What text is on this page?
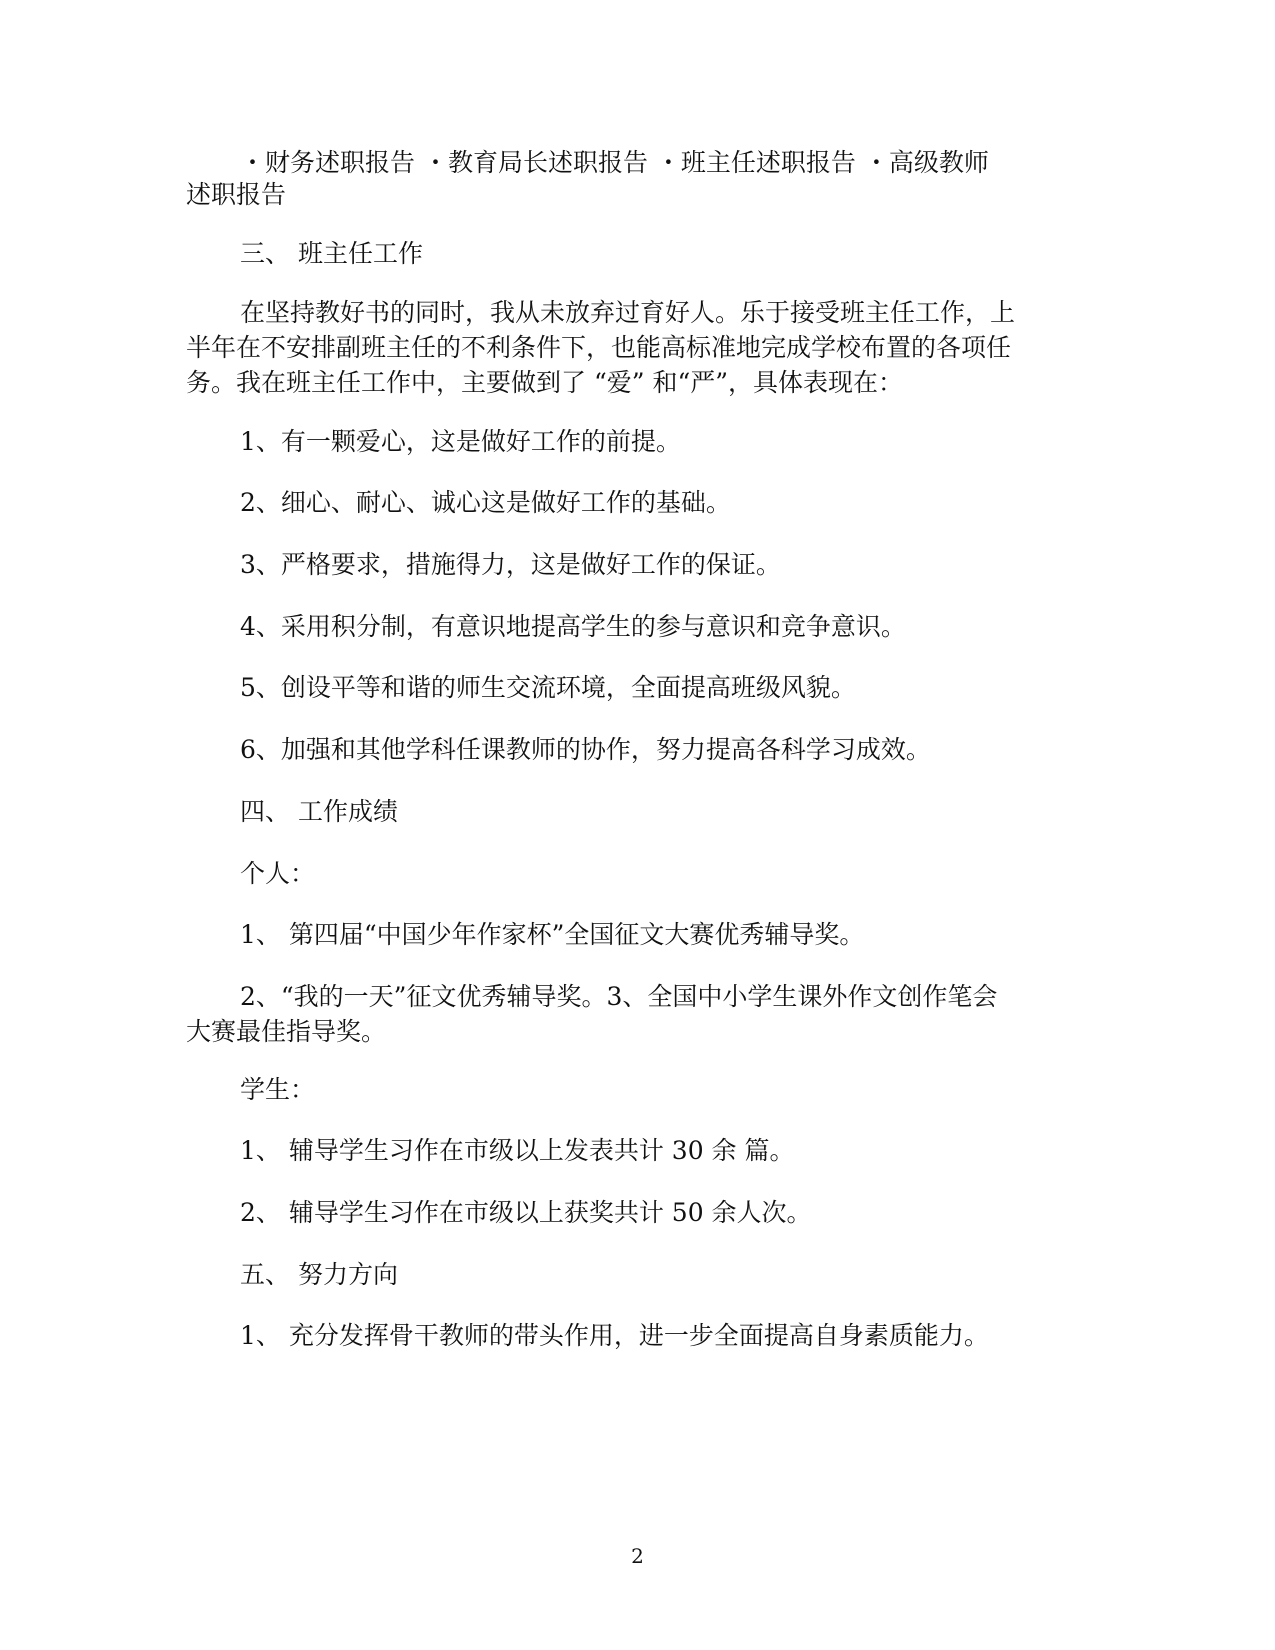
・财务述职报告 ・教育局长述职报告 ・班主任述职报告 ・高级教师

述职报告

三、 班主任工作

在坚持教好书的同时，我从未放弃过育好人。乐于接受班主任工作，上

半年在不安排副班主任的不利条件下，也能高标准地完成学校布置的各项任

务。我在班主任工作中，主要做到了 “爱” 和“严”，具体表现在：

1、有一颗爱心，这是做好工作的前提。

2、细心、耐心、诚心这是做好工作的基础。

3、严格要求，措施得力，这是做好工作的保证。

4、采用积分制，有意识地提高学生的参与意识和竞争意识。

5、创设平等和谐的师生交流环境，全面提高班级风貌。

6、加强和其他学科任课教师的协作，努力提高各科学习成效。

四、 工作成绩

个人：

1、 第四届“中国少年作家杯”全国征文大赛优秀辅导奖。

2、“我的一天”征文优秀辅导奖。3、全国中小学生课外作文创作笔会

大赛最佳指导奖。

学生：

1、 辅导学生习作在市级以上发表共计 30 余 篇。

2、 辅导学生习作在市级以上获奖共计 50 余人次。

五、 努力方向

1、 充分发挥骨干教师的带头作用，进一步全面提高自身素质能力。

2
